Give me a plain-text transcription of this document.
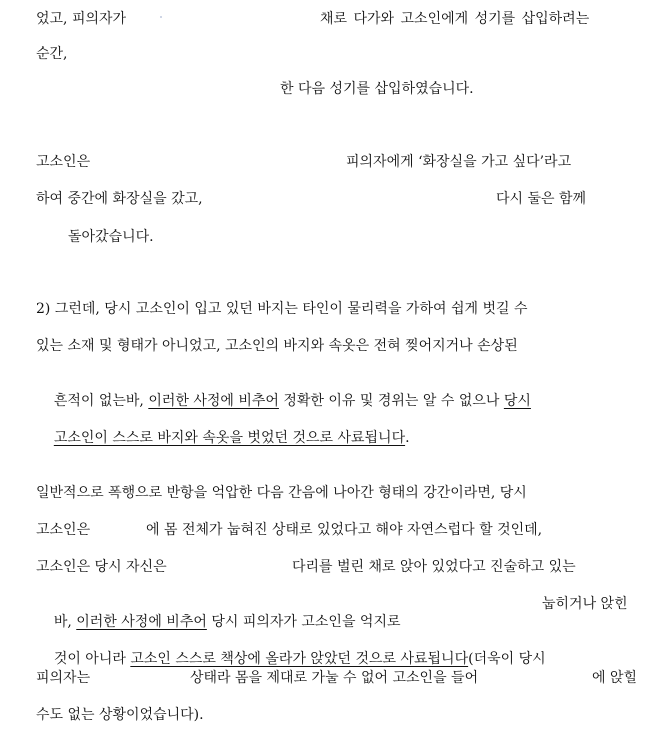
었고, 피의자가	채로 다가와 고소인에게 성기를 삽입하려는
순간,
한 다음 성기를 삽입하였습니다.
고소인은	피의자에게 ‘화장실을 가고 싶다’라고
하여 중간에 화장실을 갔고,	다시 둘은 함께
돌아갔습니다.
2) 그런데, 당시 고소인이 입고 있던 바지는 타인이 물리력을 가하여 쉽게 벗길 수
있는 소재 및 형태가 아니었고, 고소인의 바지와 속옷은 전혀 찢어지거나 손상된

흔적이 없는바, 이러한 사정에 비추어 정확한 이유 및 경위는 알 수 없으나 당시

고소인이 스스로 바지와 속옷을 벗었던 것으로 사료됩니다.

일반적으로 폭행으로 반항을 억압한 다음 간음에 나아간 형태의 강간이라면, 당시
고소인은	에 몸 전체가 눕혀진 상태로 있었다고 해야 자연스럽다 할 것인데,
고소인은 당시 자신은	다리를 벌린 채로 앉아 있었다고 진술하고 있는

바, 이러한 사정에 비추어 당시 피의자가 고소인을 억지로

눕히거나 앉힌

것이 아니라 고소인 스스로 책상에 올라가 앉았던 것으로 사료됩니다(더욱이 당시

피의자는	상태라 몸을 제대로 가눌 수 없어 고소인을 들어	에 앉힐
수도 없는 상황이었습니다).
